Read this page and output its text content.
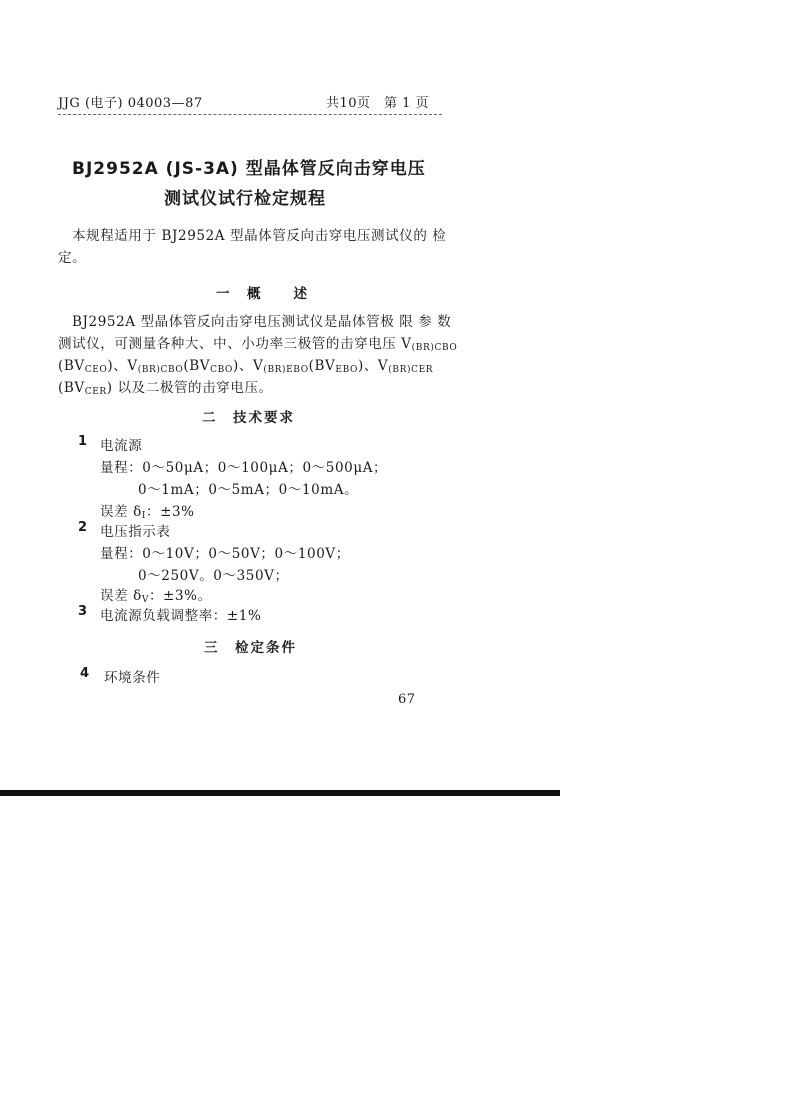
JJG (电子) 04003—87	共10页　第 1 页
BJ2952A (JS-3A) 型晶体管反向击穿电压
测试仪试行检定规程
本规程适用于 BJ2952A 型晶体管反向击穿电压测试仪的 检
定。
一　概　　述
BJ2952A 型晶体管反向击穿电压测试仪是晶体管极 限 参 数
测试仪，可测量各种大、中、小功率三极管的击穿电压 $V_{(BR)CBO}$
$(BV_{CEO})$、$V_{(BR)CBO}(BV_{CBO})$、$V_{(BR)EBO}(BV_{EBO})$、$V_{(BR)CER}$
$(BV_{CER})$ 以及二极管的击穿电压。
二　技术要求
1 电流源
量程：0～50μA；0～100μA；0～500μA；
0～1mA；0～5mA；0～10mA。
误差 $\delta_I$：±3%
2 电压指示表
量程：0～10V；0～50V；0～100V；
0～250V。0～350V；
误差 $\delta_V$：±3%。
3 电流源负载调整率：±1%
三　检定条件
4 环境条件
67
